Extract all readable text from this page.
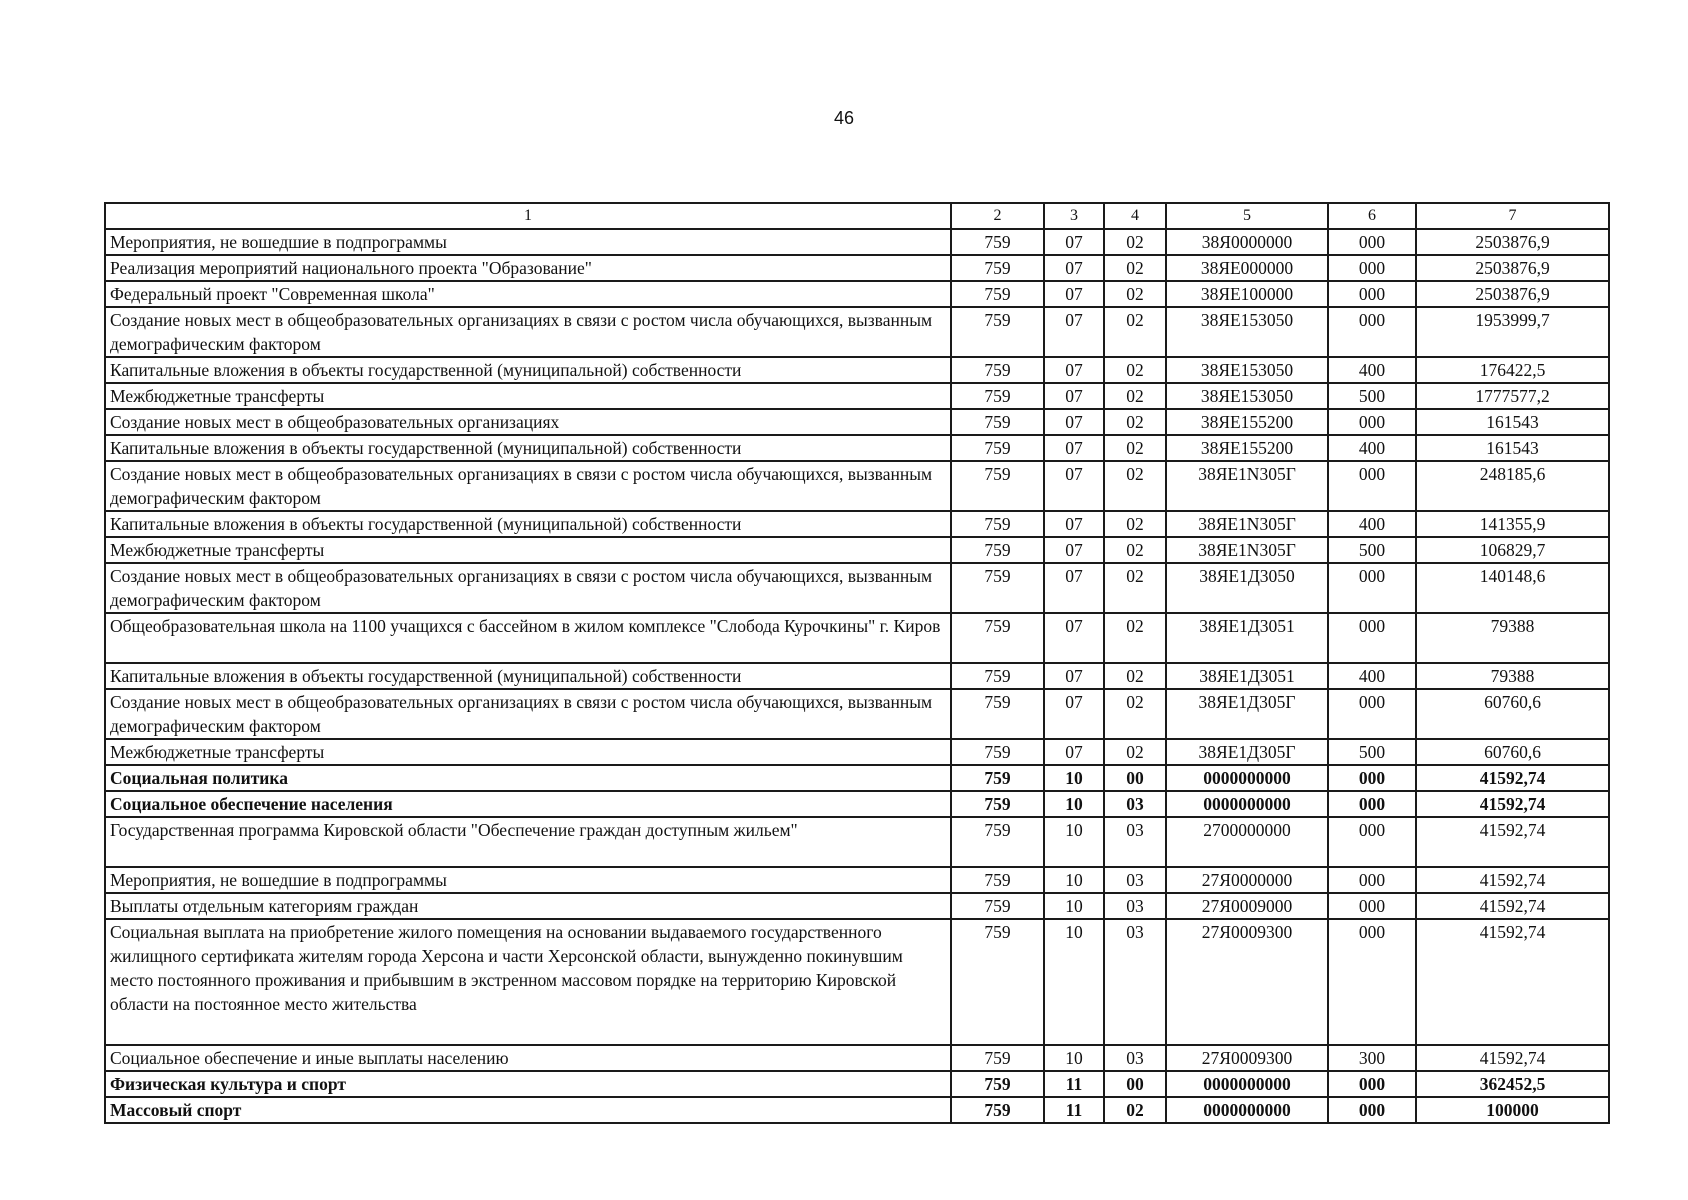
46
1	2	3	4	5	6	7
Мероприятия, не вошедшие в подпрограммы	759	07	02	38Я0000000	000	2503876,9
Реализация мероприятий национального проекта "Образование"	759	07	02	38ЯЕ000000	000	2503876,9
Федеральный проект "Современная школа"	759	07	02	38ЯЕ100000	000	2503876,9
Создание новых мест в общеобразовательных организациях в связи с ростом числа обучающихся, вызванным демографическим фактором	759	07	02	38ЯЕ153050	000	1953999,7
Капитальные вложения в объекты государственной (муниципальной) собственности	759	07	02	38ЯЕ153050	400	176422,5
Межбюджетные трансферты	759	07	02	38ЯЕ153050	500	1777577,2
Создание новых мест в общеобразовательных организациях	759	07	02	38ЯЕ155200	000	161543
Капитальные вложения в объекты государственной (муниципальной) собственности	759	07	02	38ЯЕ155200	400	161543
Создание новых мест в общеобразовательных организациях в связи с ростом числа обучающихся, вызванным демографическим фактором	759	07	02	38ЯЕ1N305Г	000	248185,6
Капитальные вложения в объекты государственной (муниципальной) собственности	759	07	02	38ЯЕ1N305Г	400	141355,9
Межбюджетные трансферты	759	07	02	38ЯЕ1N305Г	500	106829,7
Создание новых мест в общеобразовательных организациях в связи с ростом числа обучающихся, вызванным демографическим фактором	759	07	02	38ЯЕ1Д3050	000	140148,6
Общеобразовательная школа на 1100 учащихся с бассейном в жилом комплексе "Слобода Курочкины" г. Киров	759	07	02	38ЯЕ1Д3051	000	79388
Капитальные вложения в объекты государственной (муниципальной) собственности	759	07	02	38ЯЕ1Д3051	400	79388
Создание новых мест в общеобразовательных организациях в связи с ростом числа обучающихся, вызванным демографическим фактором	759	07	02	38ЯЕ1Д305Г	000	60760,6
Межбюджетные трансферты	759	07	02	38ЯЕ1Д305Г	500	60760,6
Социальная политика	759	10	00	0000000000	000	41592,74
Социальное обеспечение населения	759	10	03	0000000000	000	41592,74
Государственная программа Кировской области "Обеспечение граждан доступным жильем"	759	10	03	2700000000	000	41592,74
Мероприятия, не вошедшие в подпрограммы	759	10	03	27Я0000000	000	41592,74
Выплаты отдельным категориям граждан	759	10	03	27Я0009000	000	41592,74
Социальная выплата на приобретение жилого помещения на основании выдаваемого государственного жилищного сертификата жителям города Херсона и части Херсонской области, вынужденно покинувшим место постоянного проживания и прибывшим в экстренном массовом порядке на территорию Кировской области на постоянное место жительства	759	10	03	27Я0009300	000	41592,74
Социальное обеспечение и иные выплаты населению	759	10	03	27Я0009300	300	41592,74
Физическая культура и спорт	759	11	00	0000000000	000	362452,5
Массовый спорт	759	11	02	0000000000	000	100000
